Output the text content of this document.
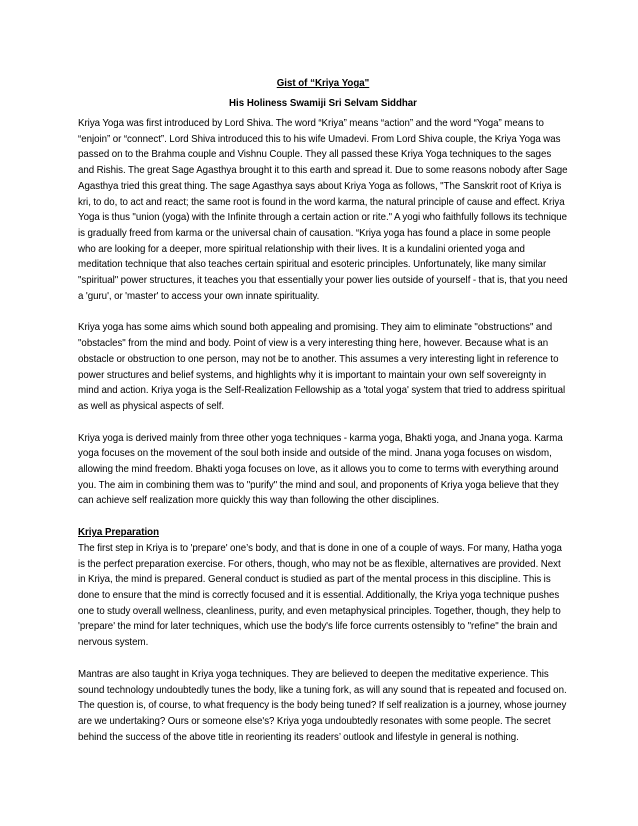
Gist of “Kriya Yoga"

His Holiness Swamiji Sri Selvam Siddhar

Kriya Yoga was first introduced by Lord Shiva. The word “Kriya” means “action” and the word “Yoga” means to “enjoin” or “connect”. Lord Shiva introduced this to his wife Umadevi. From Lord Shiva couple, the Kriya Yoga was passed on to the Brahma couple and Vishnu Couple. They all passed these Kriya Yoga techniques to the sages and Rishis. The great Sage Agasthya brought it to this earth and spread it. Due to some reasons nobody after Sage Agasthya tried this great thing. The sage Agasthya says about Kriya Yoga as follows, "The Sanskrit root of Kriya is kri, to do, to act and react; the same root is found in the word karma, the natural principle of cause and effect. Kriya Yoga is thus "union (yoga) with the Infinite through a certain action or rite." A yogi who faithfully follows its technique is gradually freed from karma or the universal chain of causation. “Kriya yoga has found a place in some people who are looking for a deeper, more spiritual relationship with their lives. It is a kundalini oriented yoga and meditation technique that also teaches certain spiritual and esoteric principles. Unfortunately, like many similar "spiritual" power structures, it teaches you that essentially your power lies outside of yourself - that is, that you need a 'guru', or 'master' to access your own innate spirituality.

Kriya yoga has some aims which sound both appealing and promising. They aim to eliminate "obstructions" and "obstacles" from the mind and body. Point of view is a very interesting thing here, however. Because what is an obstacle or obstruction to one person, may not be to another. This assumes a very interesting light in reference to power structures and belief systems, and highlights why it is important to maintain your own self sovereignty in mind and action. Kriya yoga is the Self-Realization Fellowship as a 'total yoga' system that tried to address spiritual as well as physical aspects of self.

Kriya yoga is derived mainly from three other yoga techniques - karma yoga, Bhakti yoga, and Jnana yoga. Karma yoga focuses on the movement of the soul both inside and outside of the mind. Jnana yoga focuses on wisdom, allowing the mind freedom. Bhakti yoga focuses on love, as it allows you to come to terms with everything around you. The aim in combining them was to "purify" the mind and soul, and proponents of Kriya yoga believe that they can achieve self realization more quickly this way than following the other disciplines.

Kriya Preparation

The first step in Kriya is to 'prepare' one’s body, and that is done in one of a couple of ways. For many, Hatha yoga is the perfect preparation exercise. For others, though, who may not be as flexible, alternatives are provided. Next in Kriya, the mind is prepared. General conduct is studied as part of the mental process in this discipline. This is done to ensure that the mind is correctly focused and it is essential. Additionally, the Kriya yoga technique pushes one to study overall wellness, cleanliness, purity, and even metaphysical principles. Together, though, they help to 'prepare' the mind for later techniques, which use the body's life force currents ostensibly to "refine" the brain and nervous system.

Mantras are also taught in Kriya yoga techniques. They are believed to deepen the meditative experience. This sound technology undoubtedly tunes the body, like a tuning fork, as will any sound that is repeated and focused on. The question is, of course, to what frequency is the body being tuned? If self realization is a journey, whose journey are we undertaking? Ours or someone else's? Kriya yoga undoubtedly resonates with some people. The secret behind the success of the above title in reorienting its readers’ outlook and lifestyle in general is nothing.
